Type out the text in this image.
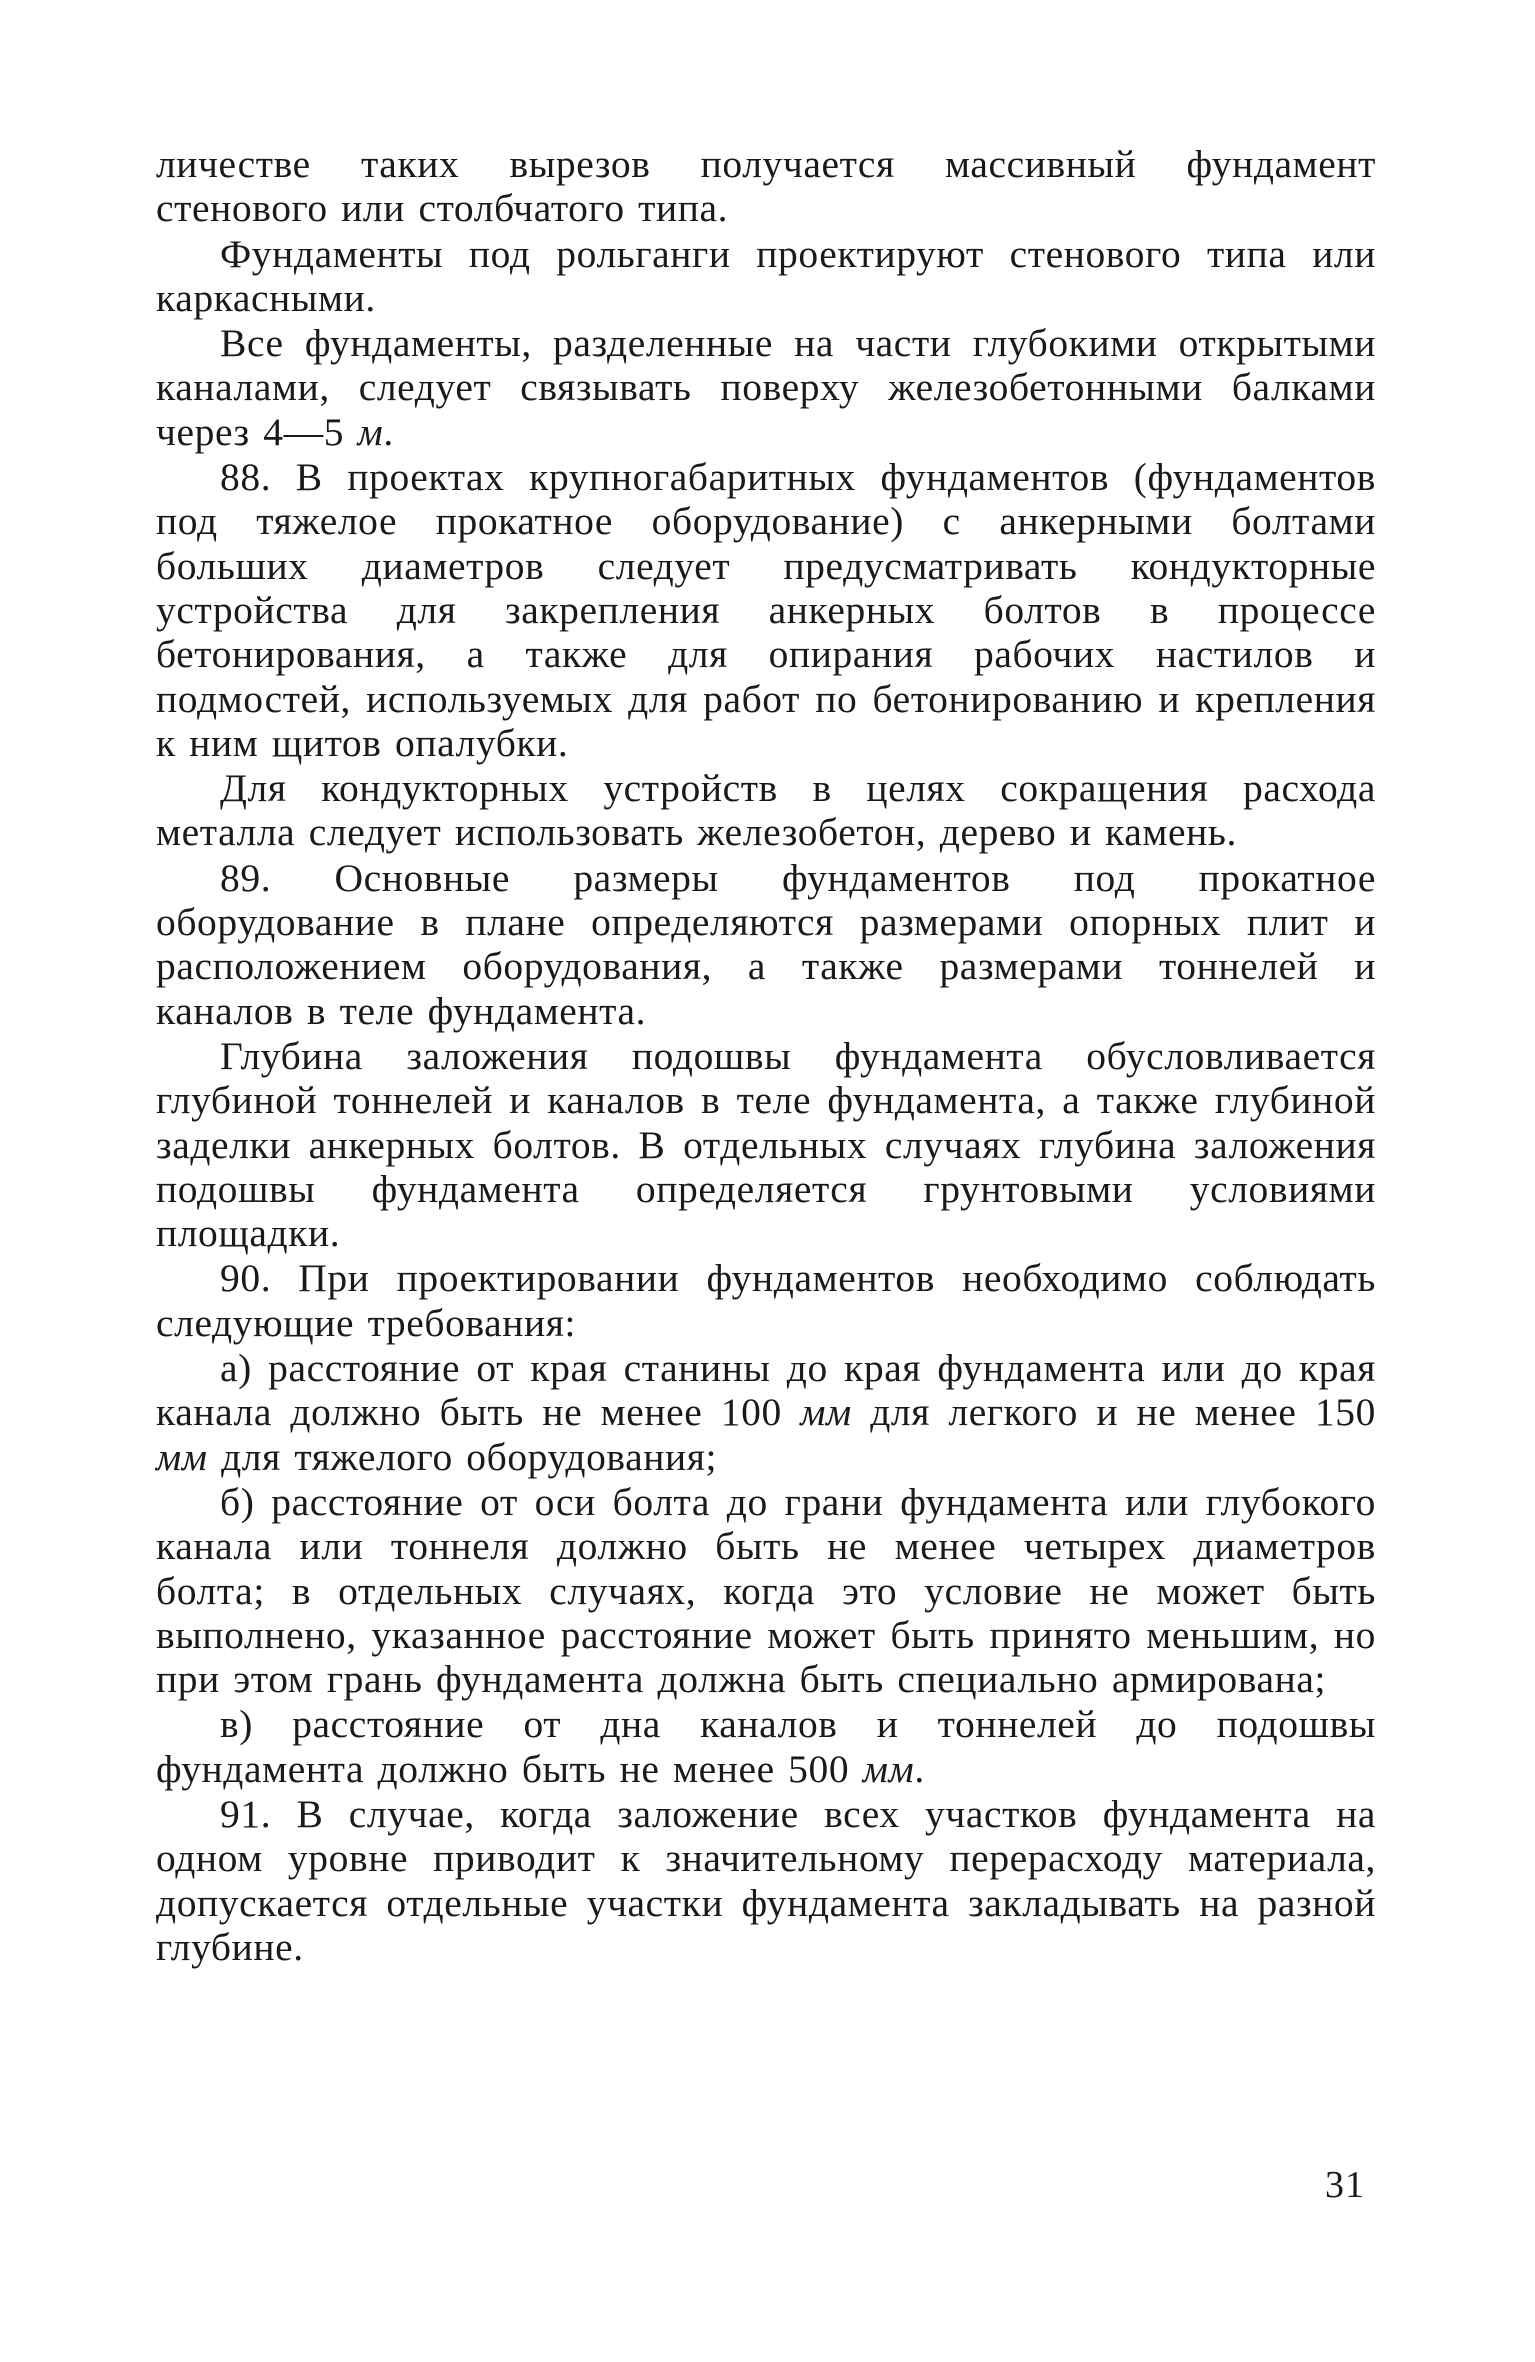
личестве таких вырезов получается массивный фундамент стенового или столбчатого типа.

Фундаменты под рольганги проектируют стенового типа или каркасными.

Все фундаменты, разделенные на части глубокими открытыми каналами, следует связывать поверху железобетонными балками через 4—5 м.

88. В проектах крупногабаритных фундаментов (фундаментов под тяжелое прокатное оборудование) с анкерными болтами больших диаметров следует предусматривать кондукторные устройства для закрепления анкерных болтов в процессе бетонирования, а также для опирания рабочих настилов и подмостей, используемых для работ по бетонированию и крепления к ним щитов опалубки.

Для кондукторных устройств в целях сокращения расхода металла следует использовать железобетон, дерево и камень.

89. Основные размеры фундаментов под прокатное оборудование в плане определяются размерами опорных плит и расположением оборудования, а также размерами тоннелей и каналов в теле фундамента.

Глубина заложения подошвы фундамента обусловливается глубиной тоннелей и каналов в теле фундамента, а также глубиной заделки анкерных болтов. В отдельных случаях глубина заложения подошвы фундамента определяется грунтовыми условиями площадки.

90. При проектировании фундаментов необходимо соблюдать следующие требования:

а) расстояние от края станины до края фундамента или до края канала должно быть не менее 100 мм для легкого и не менее 150 мм для тяжелого оборудования;

б) расстояние от оси болта до грани фундамента или глубокого канала или тоннеля должно быть не менее четырех диаметров болта; в отдельных случаях, когда это условие не может быть выполнено, указанное расстояние может быть принято меньшим, но при этом грань фундамента должна быть специально армирована;

в) расстояние от дна каналов и тоннелей до подошвы фундамента должно быть не менее 500 мм.

91. В случае, когда заложение всех участков фундамента на одном уровне приводит к значительному перерасходу материала, допускается отдельные участки фундамента закладывать на разной глубине.

31
